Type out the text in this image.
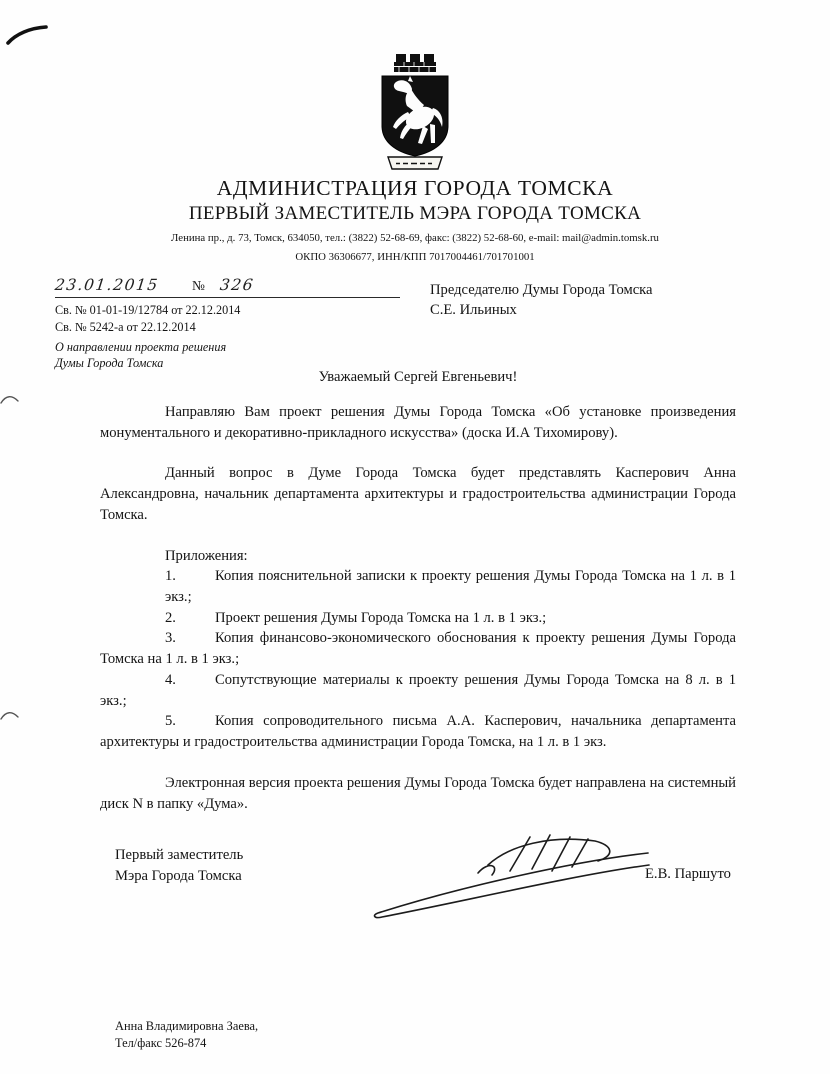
АДМИНИСТРАЦИЯ ГОРОДА ТОМСКА
ПЕРВЫЙ ЗАМЕСТИТЕЛЬ МЭРА ГОРОДА ТОМСКА
Ленина пр., д. 73, Томск, 634050, тел.: (3822) 52-68-69, факс: (3822) 52-68-60, e-mail: mail@admin.tomsk.ru
ОКПО 36306677, ИНН/КПП 7017004461/701701001
23.01.2015 № 326
Св. № 01-01-19/12784 от 22.12.2014
Св. № 5242-а от 22.12.2014
О направлении проекта решения
Думы Города Томска
Председателю Думы Города Томска
С.Е. Ильиных
Уважаемый Сергей Евгеньевич!

Направляю Вам проект решения Думы Города Томска «Об установке произведения монументального и декоративно-прикладного искусства» (доска И.А Тихомирову).

Данный вопрос в Думе Города Томска будет представлять Касперович Анна Александровна, начальник департамента архитектуры и градостроительства администрации Города Томска.

Приложения:

1.	Копия пояснительной записки к проекту решения Думы Города Томска на 1 л. в 1 экз.;
2.	Проект решения Думы Города Томска на 1 л. в 1 экз.;
3.	Копия финансово-экономического обоснования к проекту решения Думы Города Томска на 1 л. в 1 экз.;
4.	Сопутствующие материалы к проекту решения Думы Города Томска на 8 л. в 1 экз.;
5.	Копия сопроводительного письма А.А. Касперович, начальника департамента архитектуры и градостроительства администрации Города Томска, на 1 л. в 1 экз.

Электронная версия проекта решения Думы Города Томска будет направлена на системный диск N в папку «Дума».

Первый заместитель
Мэра Города Томска	Е.В. Паршуто
Анна Владимировна Заева,
Тел/факс 526-874
